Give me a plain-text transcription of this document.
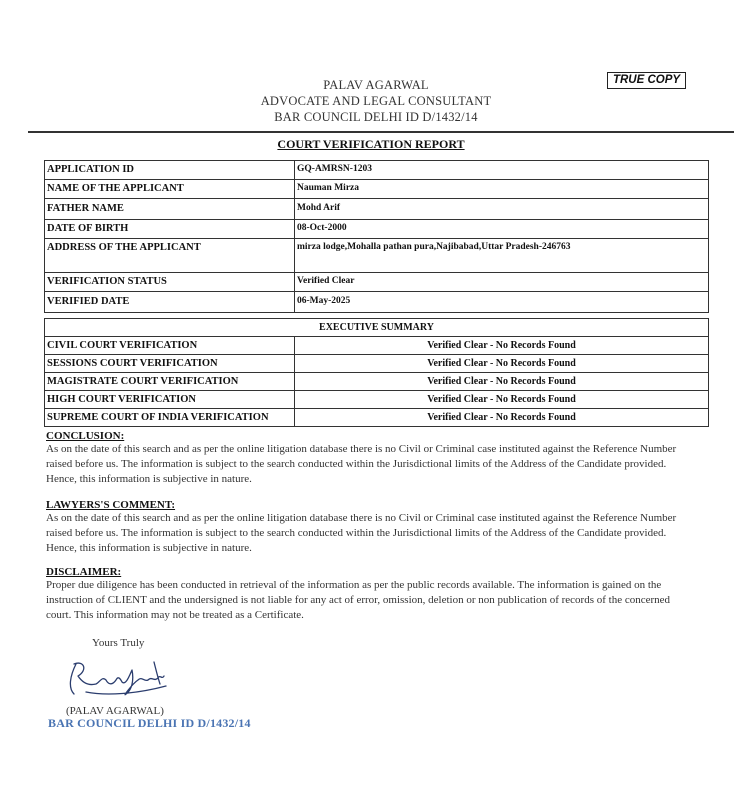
PALAV AGARWAL
ADVOCATE AND LEGAL CONSULTANT
BAR COUNCIL DELHI ID D/1432/14
TRUE COPY
COURT VERIFICATION REPORT
APPLICATION ID	GQ-AMRSN-1203
NAME OF THE APPLICANT	Nauman Mirza
FATHER NAME	Mohd Arif
DATE OF BIRTH	08-Oct-2000
ADDRESS OF THE APPLICANT	mirza lodge,Mohalla pathan pura,Najibabad,Uttar Pradesh-246763
VERIFICATION STATUS	Verified Clear
VERIFIED DATE	06-May-2025
EXECUTIVE SUMMARY	
CIVIL COURT VERIFICATION	Verified Clear - No Records Found
SESSIONS COURT VERIFICATION	Verified Clear - No Records Found
MAGISTRATE COURT VERIFICATION	Verified Clear - No Records Found
HIGH COURT VERIFICATION	Verified Clear - No Records Found
SUPREME COURT OF INDIA VERIFICATION	Verified Clear - No Records Found
CONCLUSION:
As on the date of this search and as per the online litigation database there is no Civil or Criminal case instituted against the Reference Number raised before us. The information is subject to the search conducted within the Jurisdictional limits of the Address of the Candidate provided. Hence, this information is subjective in nature.
LAWYERS'S COMMENT:
As on the date of this search and as per the online litigation database there is no Civil or Criminal case instituted against the Reference Number raised before us. The information is subject to the search conducted within the Jurisdictional limits of the Address of the Candidate provided. Hence, this information is subjective in nature.
DISCLAIMER:
Proper due diligence has been conducted in retrieval of the information as per the public records available. The information is gained on the instruction of CLIENT and the undersigned is not liable for any act of error, omission, deletion or non publication of records of the concerned court. This information may not be treated as a Certificate.
Yours Truly
(PALAV AGARWAL)
BAR COUNCIL DELHI ID D/1432/14
